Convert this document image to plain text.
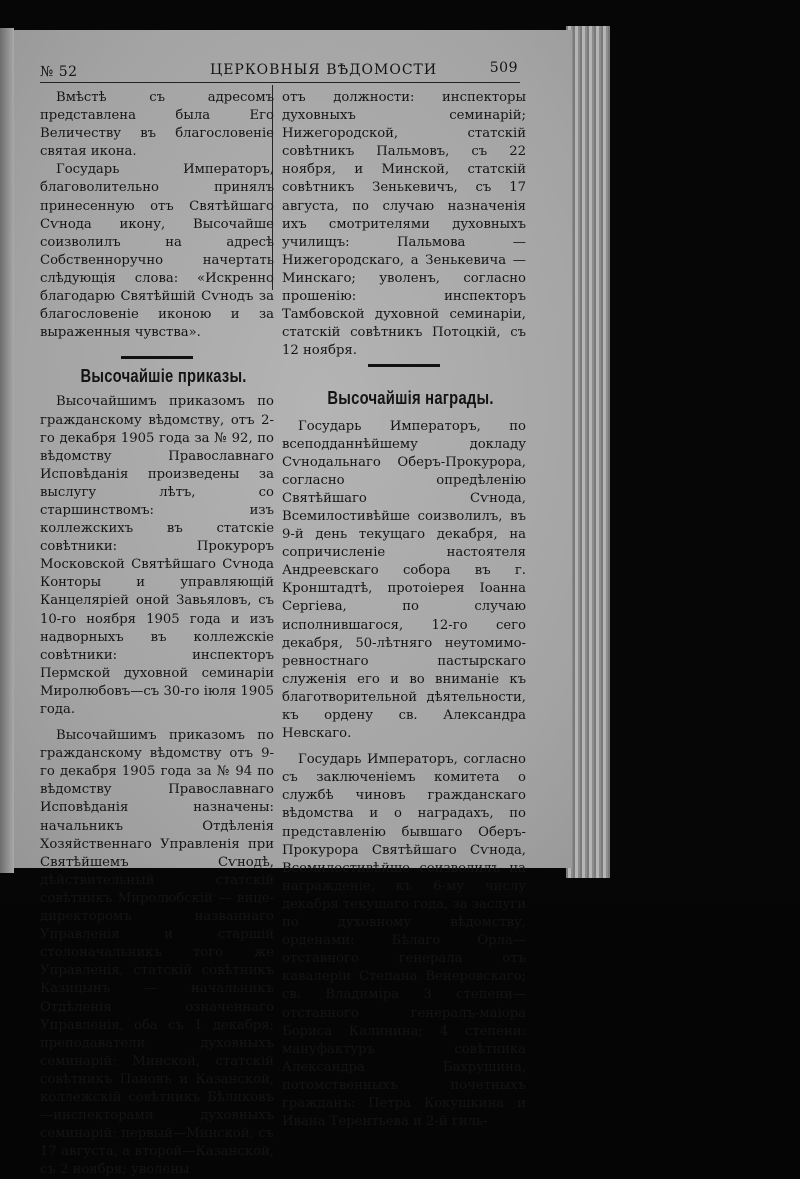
№ 52	ЦЕРКОВНЫЯ ВѢДОМОСТИ	509

Вмѣстѣ съ адресомъ представлена была Его Величеству въ благословеніе святая икона.

Государь Императоръ, благоволительно принялъ принесенную отъ Святѣйшаго Сѵнода икону, Высочайше соизволилъ на адресѣ Собственноручно начертать слѣдующія слова: «Искренно благодарю Святѣйшій Сѵнодъ за благословеніе иконою и за выраженныя чувства».

Высочайшіе приказы.

Высочайшимъ приказомъ по гражданскому вѣдомству, отъ 2-го декабря 1905 года за № 92, по вѣдомству Православнаго Исповѣданія произведены за выслугу лѣтъ, со старшинствомъ: изъ коллежскихъ въ статскіе совѣтники: Прокуроръ Московской Святѣйшаго Сѵнода Конторы и управляющій Канцеляріей оной Завьяловъ, съ 10-го ноября 1905 года и изъ надворныхъ въ коллежскіе совѣтники: инспекторъ Пермской духовной семинаріи Миролюбовъ—съ 30-го іюля 1905 года.

Высочайшимъ приказомъ по гражданскому вѣдомству отъ 9-го декабря 1905 года за № 94 по вѣдомству Православнаго Исповѣданія назначены: начальникъ Отдѣленія Хозяйственнаго Управленія при Святѣйшемъ Сѵнодѣ, дѣйствительный статскій совѣтникъ Миролюбскій — вице-директоромъ названнаго Управленія и старшій столоначальникъ того же Управленія, статскій совѣтникъ Казицынъ — начальникъ Отдѣленія означеннаго Управленія, оба съ 1 декабря; преподаватели духовныхъ семинарій: Минской, статскій совѣтникъ Пановъ и Казанской, коллежскій совѣтникъ Бѣликовъ—инспекторами духовныхъ семинарій: первый—Минской, съ 17 августа, а второй—Казанской, съ 2 ноября; уволены

отъ должности: инспекторы духовныхъ семинарій; Нижегородской, статскій совѣтникъ Пальмовъ, съ 22 ноября, и Минской, статскій совѣтникъ Зенькевичъ, съ 17 августа, по случаю назначенія ихъ смотрителями духовныхъ училищъ: Пальмова — Нижегородскаго, а Зенькевича — Минскаго; уволенъ, согласно прошенію: инспекторъ Тамбовской духовной семинаріи, статскій совѣтникъ Потоцкій, съ 12 ноября.

Высочайшія награды.

Государь Императоръ, по всеподданнѣйшему докладу Сѵнодальнаго Оберъ-Прокурора, согласно опредѣленію Святѣйшаго Сѵнода, Всемилостивѣйше соизволилъ, въ 9-й день текущаго декабря, на сопричисленіе настоятеля Андреевскаго собора въ г. Кронштадтѣ, протоіерея Іоанна Сергіева, по случаю исполнившагося, 12-го сего декабря, 50-лѣтняго неутомимо-ревностнаго пастырскаго служенія его и во вниманіе къ благотворительной дѣятельности, къ ордену св. Александра Невскаго.

Государь Императоръ, согласно съ заключеніемъ комитета о службѣ чиновъ гражданскаго вѣдомства и о наградахъ, по представленію бывшаго Оберъ-Прокурора Святѣйшаго Сѵнода, Всемилостивѣйше соизволилъ на награжденіе, къ 6-му числу декабря текущаго года, за заслуги по духовному вѣдомству, орденами: Бѣлаго Орла— отставного генерала отъ кавалеріи Степана Венеровскаго; св. Владиміра 3 степени—отставного генералъ-маіора Бориса Калинина; 4 степени: мануфактуръ совѣтника Александра Бахрушина, потомственныхъ почетныхъ гражданъ: Петра Кокушкина и Ивана Терентьева и 2-й гиль-
